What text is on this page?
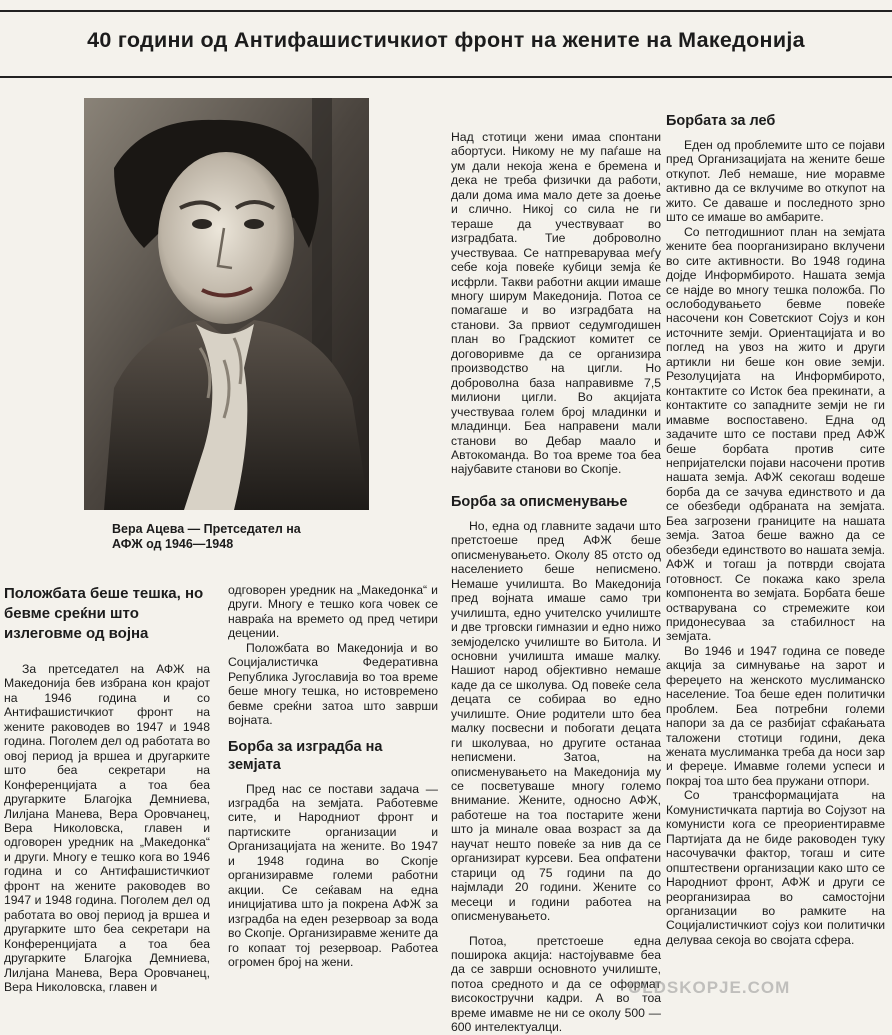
40 години од Антифашистичкиот фронт на жените на Македонија
Вера Ацева — Претседател на
АФЖ од 1946—1948
Положбата беше тешка, но бевме среќни што излеговме од војна

За претседател на АФЖ на Македонија бев избрана кон крајот на 1946 година и со Антифашистичкиот фронт на жените раководев во 1947 и 1948 година. Поголем дел од работата во овој период ја вршеа и другарките што беа секретари на Конференцијата а тоа беа другарките Благојка Демниева, Лилјана Манева, Вера Оровчанец, Вера Николовска, главен и одговорен уредник на „Македонка“ и други. Многу е тешко кога во 1946 година и со Антифашистичкиот фронт на жените раководев во 1947 и 1948 година. Поголем дел од работата во овој период ја вршеа и другарките што беа секретари на Конференцијата а тоа беа другарките Благојка Демниева, Лилјана Манева, Вера Оровчанец, Вера Николовска, главен и

одговорен уредник на „Македонка“ и други. Многу е тешко кога човек се навраќа на времето од пред четири децении.

Положбата во Македонија и во Социјалистичка Федеративна Република Југославија во тоа време беше многу тешка, но истовремено бевме среќни затоа што заврши војната.

Борба за изградба на земјата

Пред нас се постави задача — изградба на земјата. Работевме сите, и Народниот фронт и партиските организации и Организацијата на жените. Во 1947 и 1948 година во Скопје организиравме големи работни акции. Се сеќавам на една иницијатива што ја покрена АФЖ за изградба на еден резервоар за вода во Скопје. Организиравме жените да го копаат тој резервоар. Работеа огромен број на жени.

Над стотици жени имаа спонтани абортуси. Никому не му паѓаше на ум дали некоја жена е бремена и дека не треба физички да работи, дали дома има мало дете за доење и слично. Никој со сила не ги тераше да учествуваат во изградбата. Тие доброволно учествуваа. Се натпреваруваа меѓу себе која повеќе кубици земја ќе исфрли. Такви работни акции имаше многу ширум Македонија. Потоа се помагаше и во изградбата на станови. За првиот седумгодишен план во Градскиот комитет се договоривме да се организира производство на цигли. Но доброволна база направивме 7,5 милиони цигли. Во акцијата учествуваа голем број младинки и младинци. Беа направени мали станови во Дебар маало и Автокоманда. Во тоа време тоа беа најубавите станови во Скопје.

Борба за описменување

Но, една од главните задачи што претстоеше пред АФЖ беше описменувањето. Околу 85 отсто од населението беше неписмено. Немаше училишта. Во Македонија пред војната имаше само три училишта, едно учителско училиште и две трговски гимназии и едно нижо земјоделско училиште во Битола. И основни училишта имаше малку. Нашиот народ објективно немаше каде да се школува. Од повеќе села децата се собираа во едно училиште. Оние родители што беа малку посвесни и побогати децата ги школуваа, но другите останаа неписмени. Затоа, на описменувањето на Македонија му се посветуваше многу големо внимание. Жените, односно АФЖ, работеше на тоа постарите жени што ја минале оваа возраст за да научат нешто повеќе за нив да се организират курсеви. Беа опфатени старици од 75 години па до најмлади 20 години. Жените со месеци и години работеа на описменувањето.

Потоа, претстоеше една поширока акција: настојувавме беа да се заврши основното училиште, потоа средното и да се оформат високостручни кадри. А во тоа време имавме не ни се околу 500 — 600 интелектуалци.

Борбата за леб

Еден од проблемите што се појави пред Организацијата на жените беше откупот. Леб немаше, ние моравме активно да се вклучиме во откупот на жито. Се даваше и последното зрно што се имаше во амбарите.

Со петгодишниот план на земјата жените беа поорганизирано вклучени во сите активности. Во 1948 година дојде Информбирото. Нашата земја се најде во многу тешка положба. По ослободувањето бевме повеќе насочени кон Советскиот Сојуз и кон источните земји. Ориентацијата и во поглед на увоз на жито и други артикли ни беше кон овие земји. Резолуцијата на Информбирото, контактите со Исток беа прекинати, а контактите со западните земји не ги имавме воспоставено. Една од задачите што се постави пред АФЖ беше борбата против сите непријателски појави насочени против нашата земја. АФЖ секогаш водеше борба да се зачува единството и да се обезбеди одбраната на земјата. Беа загрозени границите на нашата земја. Затоа беше важно да се обезбеди единството во нашата земја. АФЖ и тогаш ја потврди својата готовност. Се покажа како зрела компонента во земјата. Борбата беше остварувана со стремежите кои придонесуваа за стабилност на земјата.

Во 1946 и 1947 година се поведе акција за симнување на зарот и фереџето на женското муслиманско население. Тоа беше еден политички проблем. Беа потребни големи напори за да се разбијат сфаќањата таложени стотици години, дека жената муслиманка треба да носи зар и фереџе. Имавме големи успеси и покрај тоа што беа пружани отпори.

Со трансформацијата на Комунистичката партија во Сојузот на комунисти кога се преориентиравме Партијата да не биде раководен туку насочувачки фактор, тогаш и сите општествени организации како што се Народниот фронт, АФЖ и други се реорганизираа во самостојни организации во рамките на Социјалистичкиот сојуз кои политички делуваа секоја во својата сфера.

OLDSKOPJE.COM
